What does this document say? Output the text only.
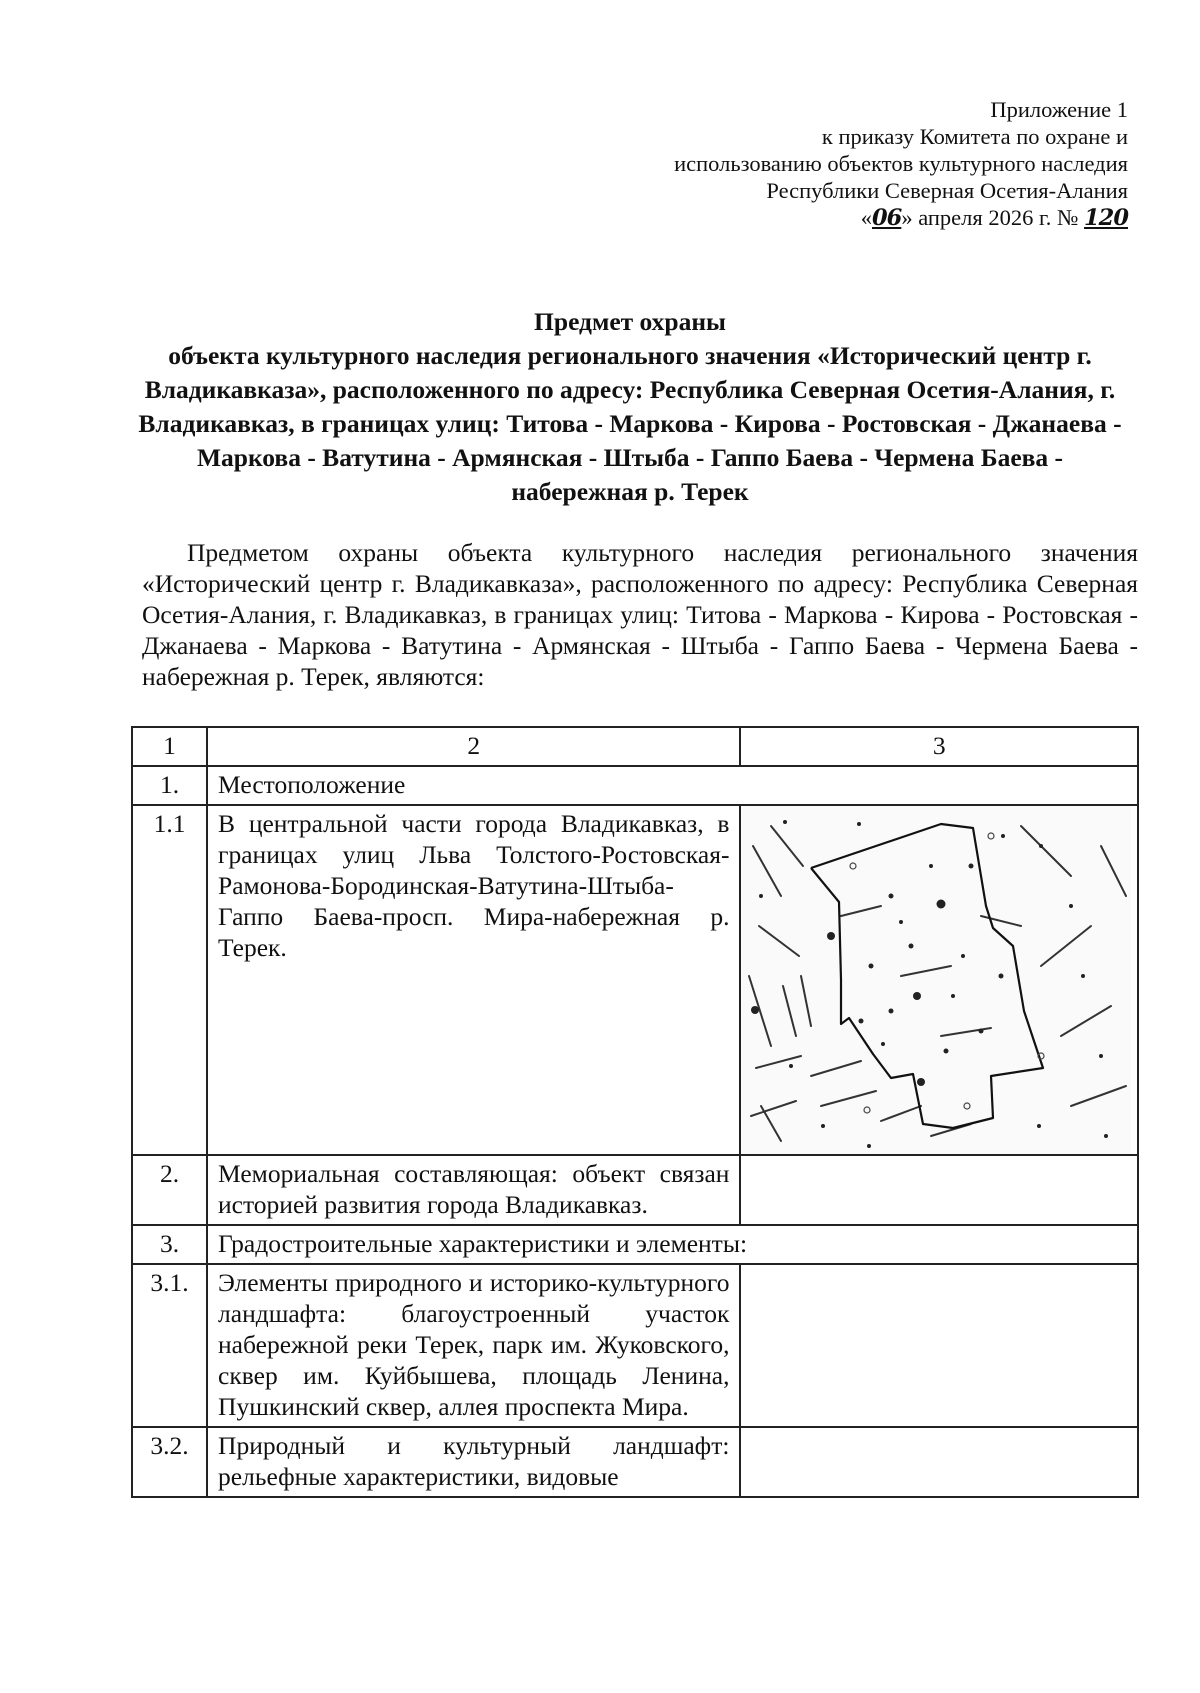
Приложение 1
к приказу Комитета по охране и
использованию объектов культурного наследия
Республики Северная Осетия-Алания
«06» апреля 2026 г. № 120
Предмет охраны
объекта культурного наследия регионального значения «Исторический центр г. Владикавказа», расположенного по адресу: Республика Северная Осетия-Алания, г. Владикавказ, в границах улиц: Титова - Маркова - Кирова - Ростовская - Джанаева - Маркова - Ватутина - Армянская - Штыба - Гаппо Баева - Чермена Баева - набережная р. Терек
Предметом охраны объекта культурного наследия регионального значения «Исторический центр г. Владикавказа», расположенного по адресу: Республика Северная Осетия-Алания, г. Владикавказ, в границах улиц: Титова - Маркова - Кирова - Ростовская - Джанаева - Маркова - Ватутина - Армянская - Штыба - Гаппо Баева - Чермена Баева - набережная р. Терек, являются:
1	2	3
1.	Местоположение	
1.1	В центральной части города Владикавказ, в границах улиц Льва Толстого-Ростовская-Рамонова-Бородинская-Ватутина-Штыба-Гаппо Баева-просп. Мира-набережная р. Терек.	

2.	Мемориальная составляющая: объект связан историей развития города Владикавказ.	
3.	Градостроительные характеристики и элементы:	
3.1.	Элементы природного и историко-культурного ландшафта: благоустроенный участок набережной реки Терек, парк им. Жуковского, сквер им. Куйбышева, площадь Ленина, Пушкинский сквер, аллея проспекта Мира.	
3.2.	Природный и культурный ландшафт: рельефные характеристики, видовые	
